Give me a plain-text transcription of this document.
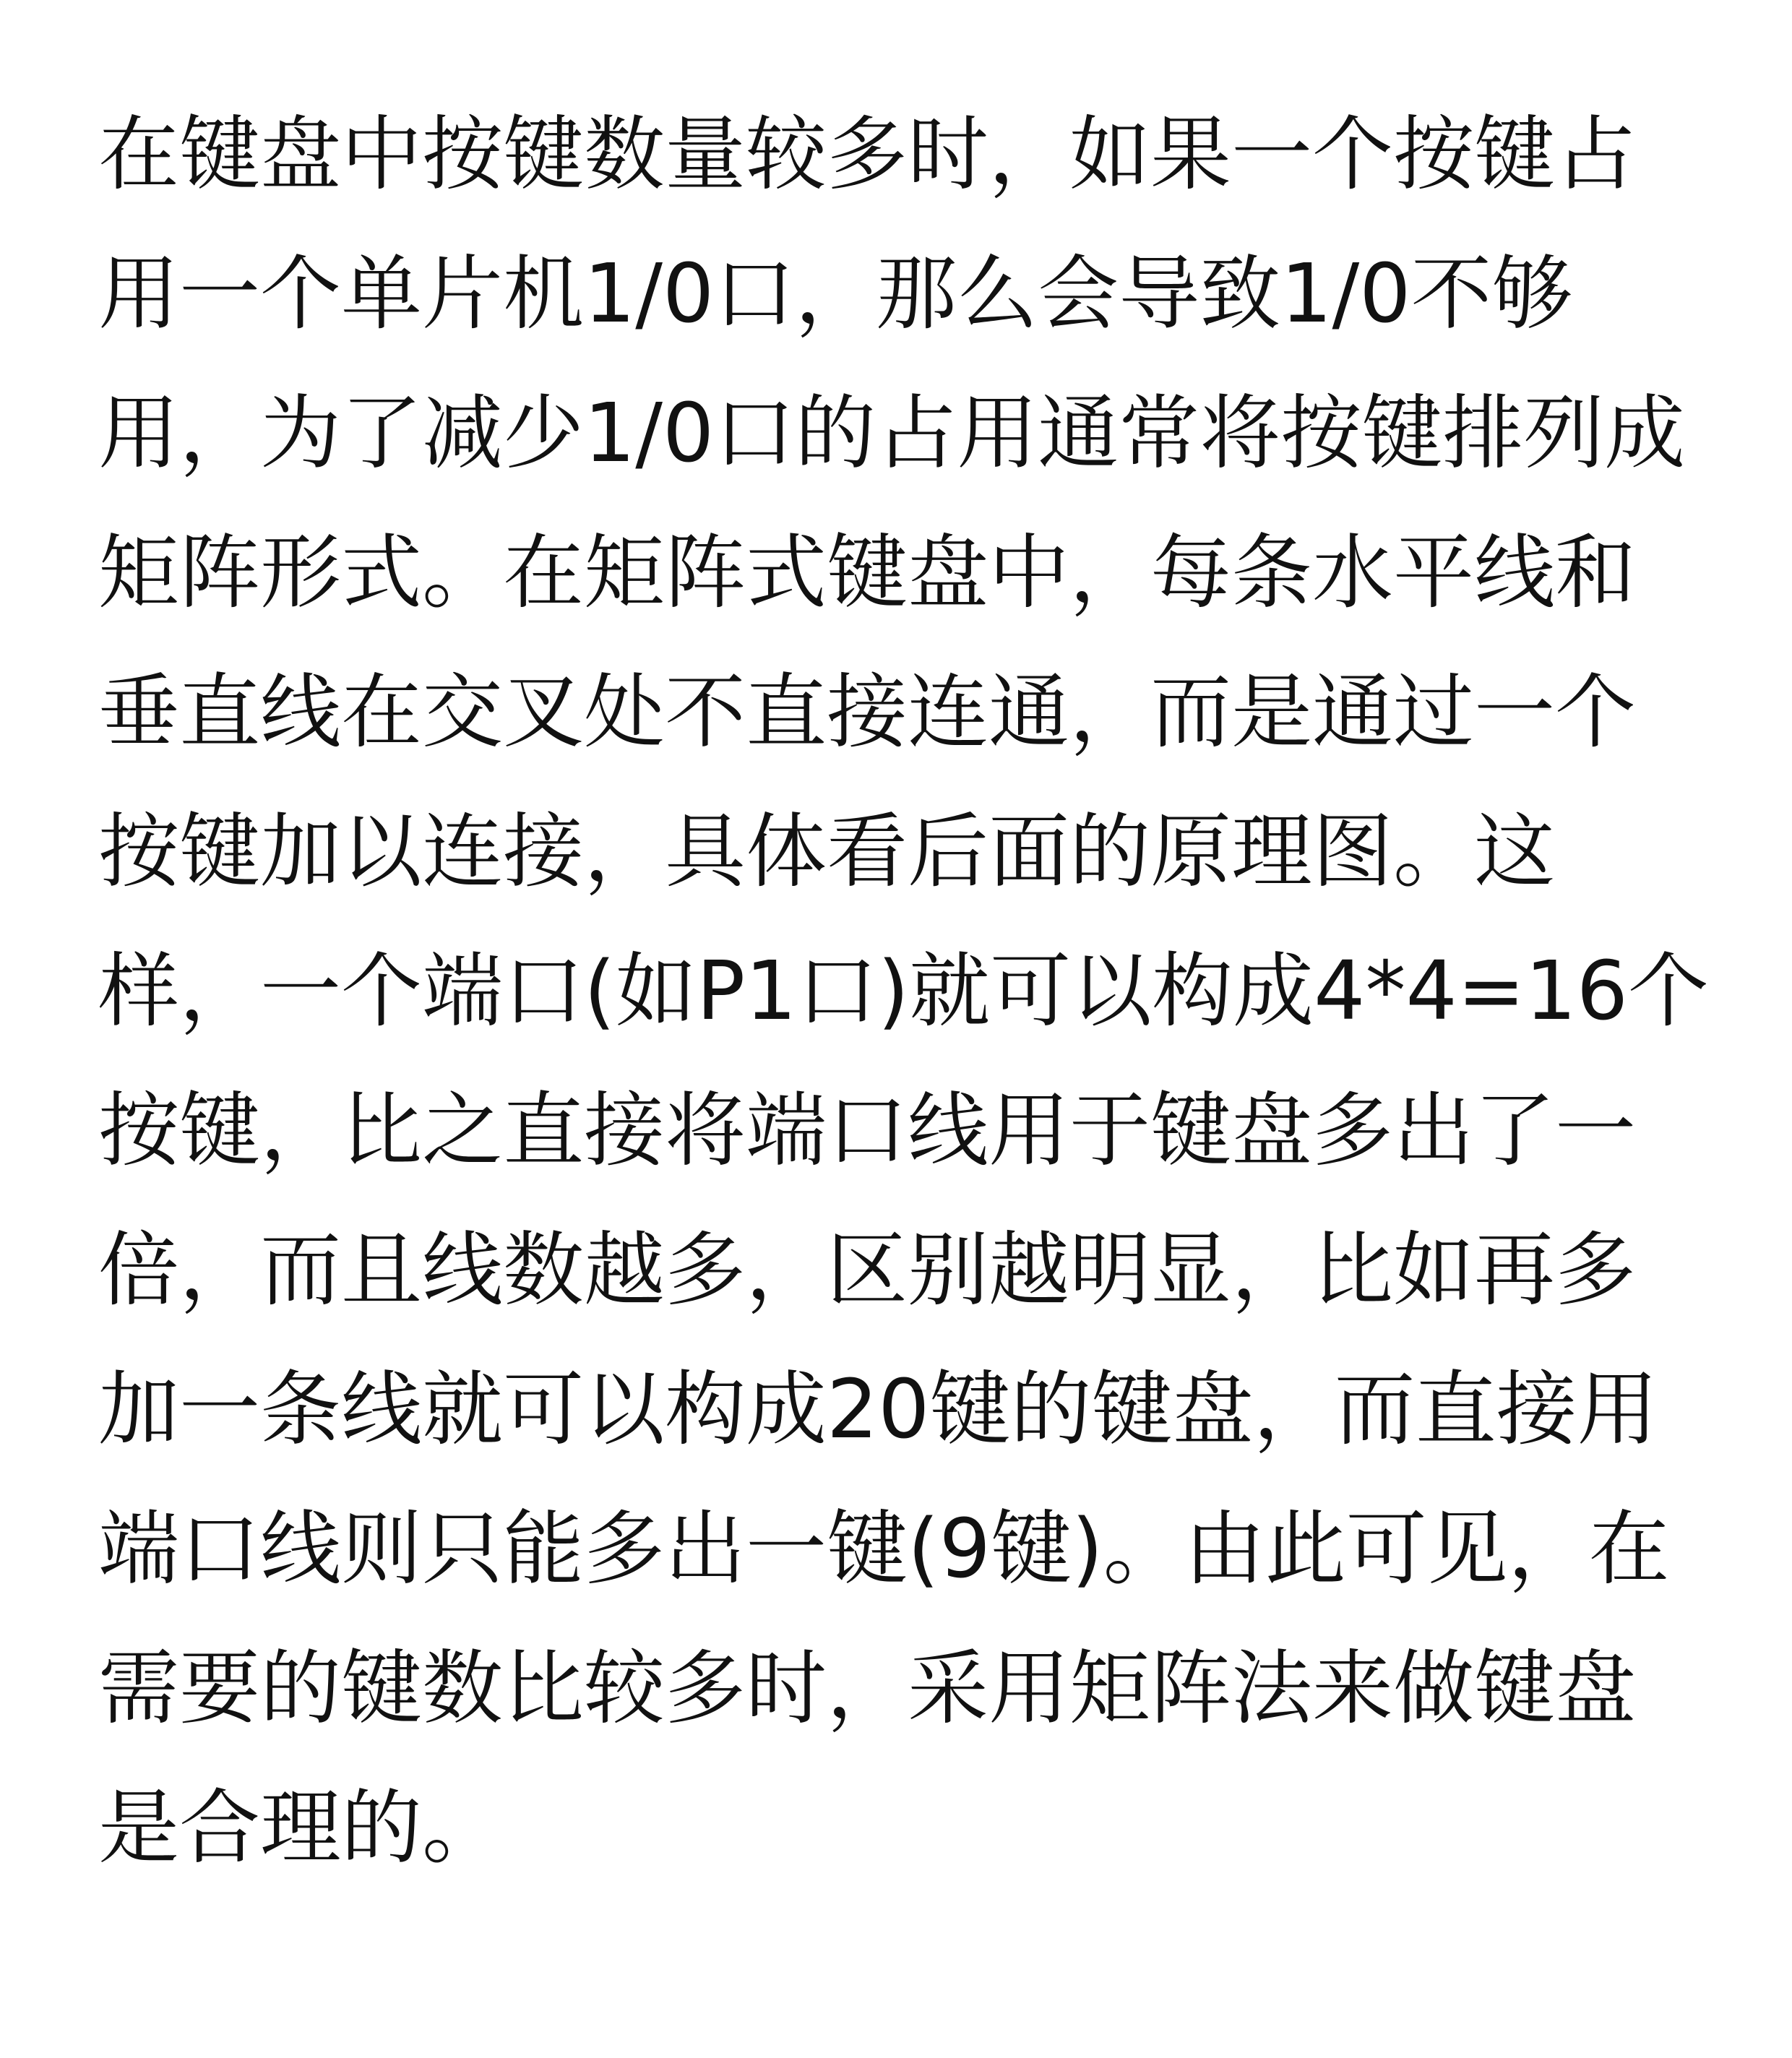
在键盘中按键数量较多时，如果一个按键占
用一个单片机1/0口，那么会导致1/0不够
用，为了减少1/0口的占用通常将按键排列成
矩阵形式。在矩阵式键盘中，每条水平线和
垂直线在交叉处不直接连通，而是通过一个
按键加以连接，具体看后面的原理图。这
样，一个端口(如P1口)就可以构成4*4=16个
按键，比之直接将端口线用于键盘多出了一
倍，而且线数越多，区别越明显，比如再多
加一条线就可以构成20键的键盘，而直接用
端口线则只能多出一键(9键)。由此可见，在
需要的键数比较多时，采用矩阵法来做键盘
是合理的。
